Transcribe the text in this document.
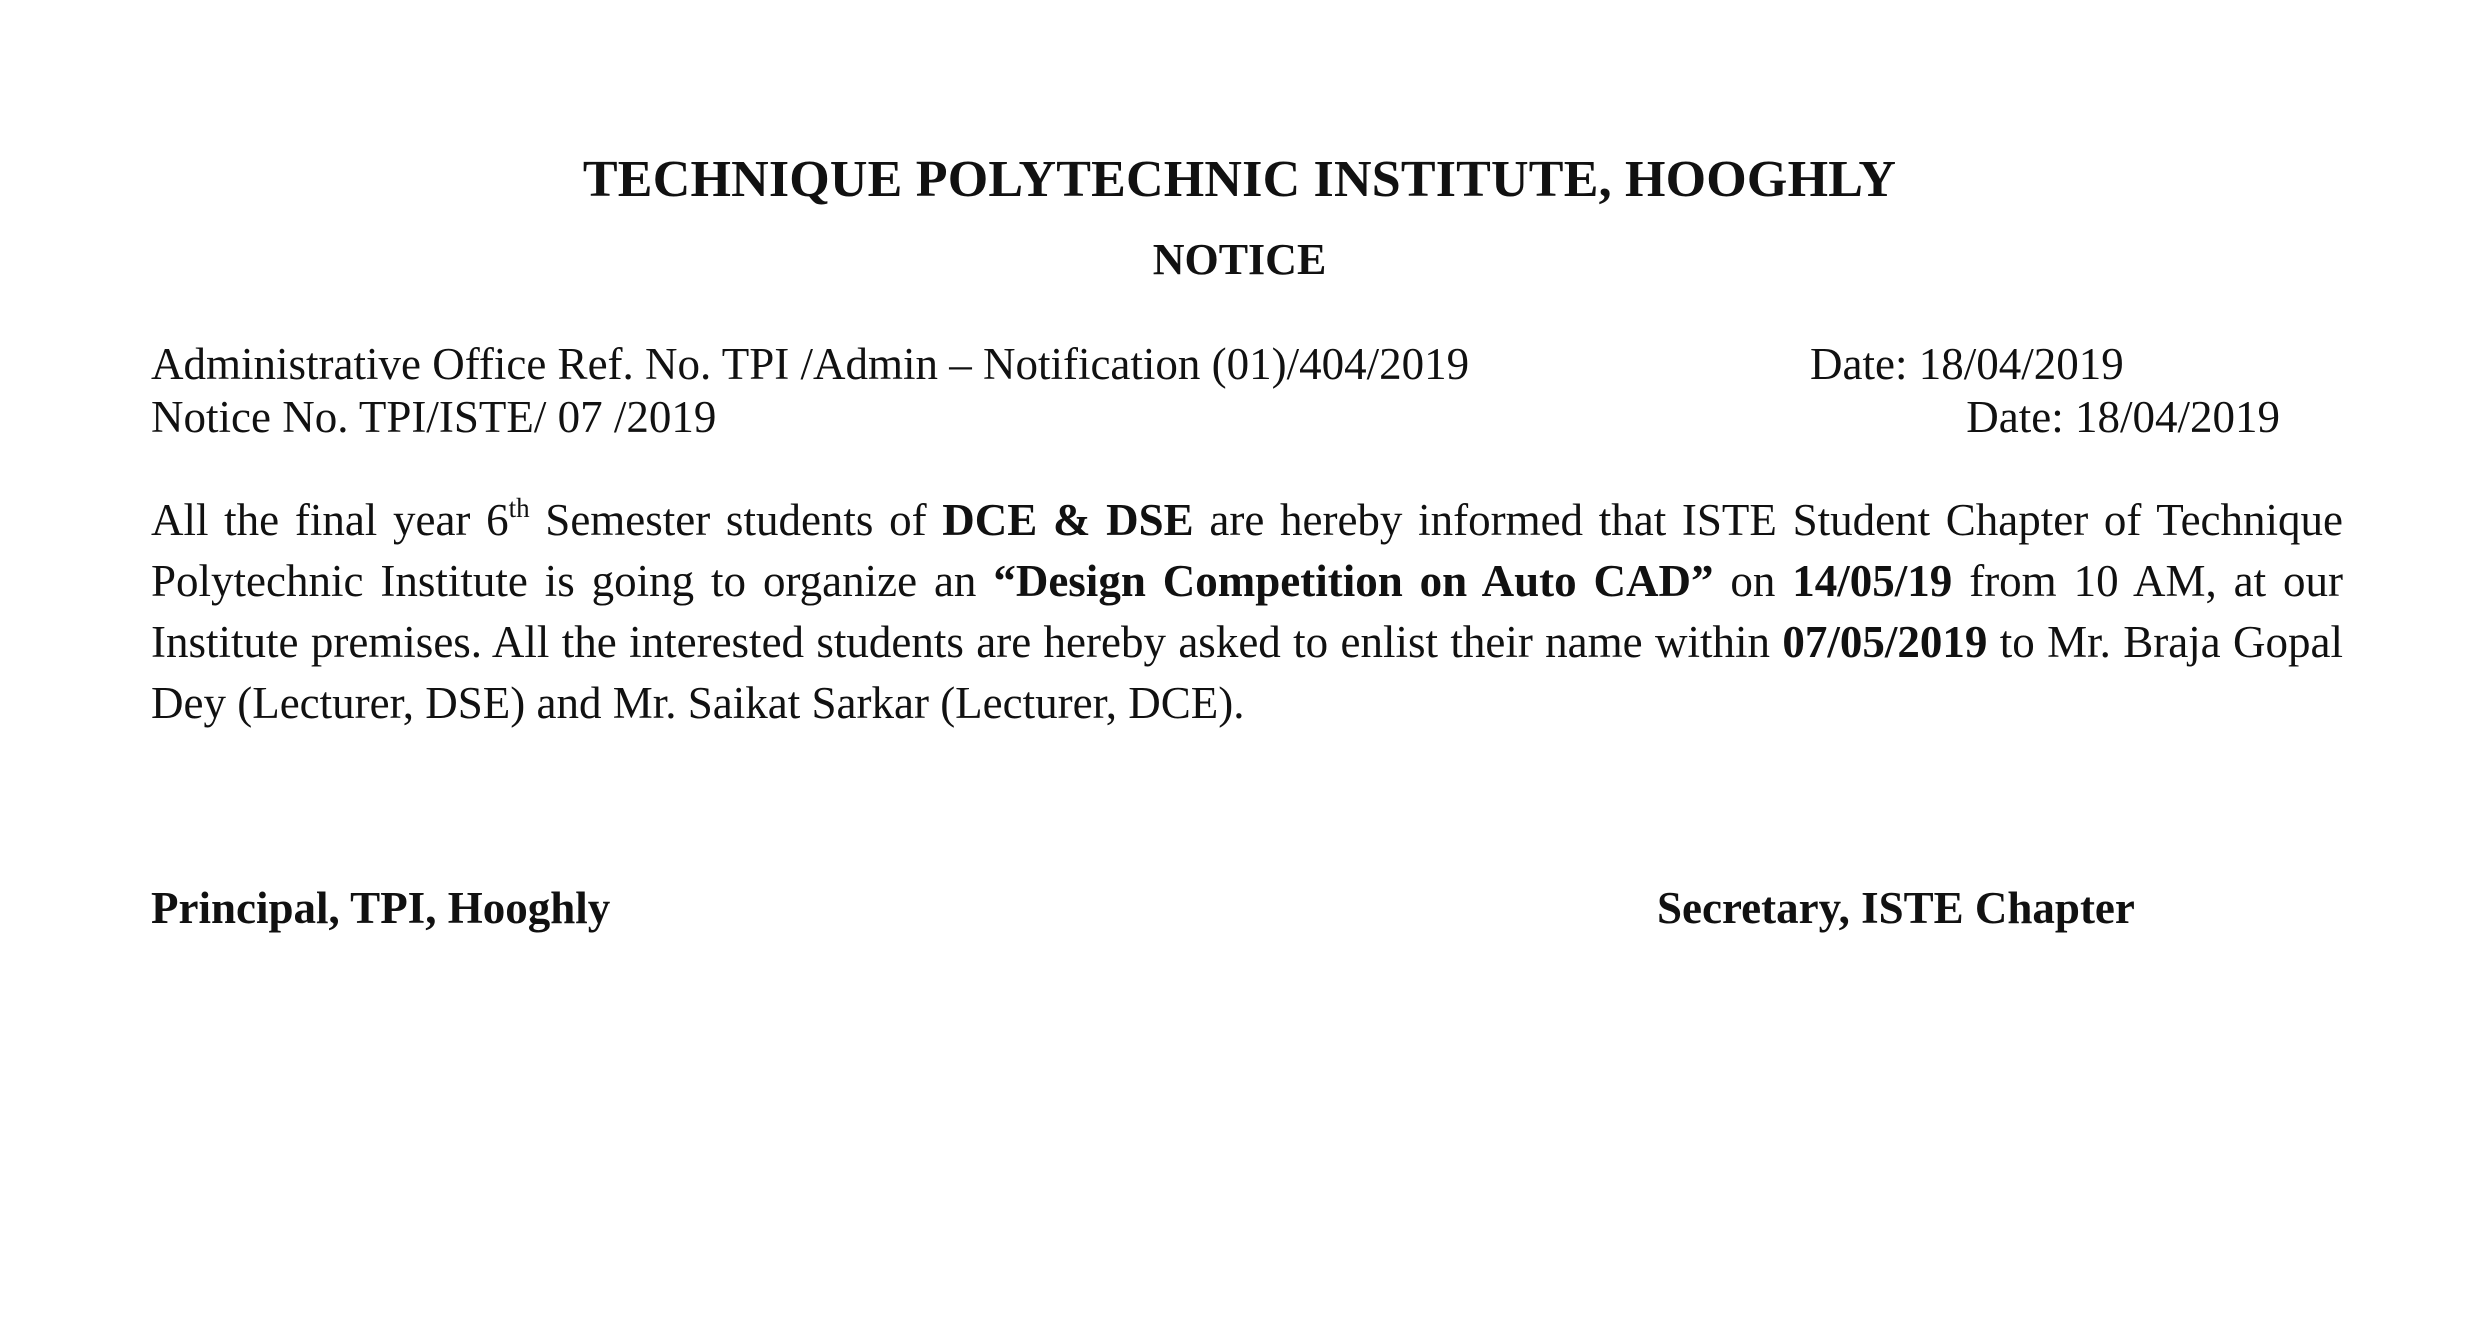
TECHNIQUE POLYTECHNIC INSTITUTE, HOOGHLY
NOTICE

Administrative Office Ref. No. TPI /Admin – Notification (01)/404/2019	Date: 18/04/2019

Notice No. TPI/ISTE/ 07 /2019	Date: 18/04/2019

All the final year 6th Semester students of DCE & DSE are hereby informed that ISTE Student Chapter of Technique Polytechnic Institute is going to organize an “Design Competition on Auto CAD” on 14/05/19 from 10 AM, at our Institute premises. All the interested students are hereby asked to enlist their name within 07/05/2019 to Mr. Braja Gopal Dey (Lecturer, DSE) and Mr. Saikat Sarkar (Lecturer, DCE).

Principal, TPI, Hooghly	Secretary, ISTE Chapter
